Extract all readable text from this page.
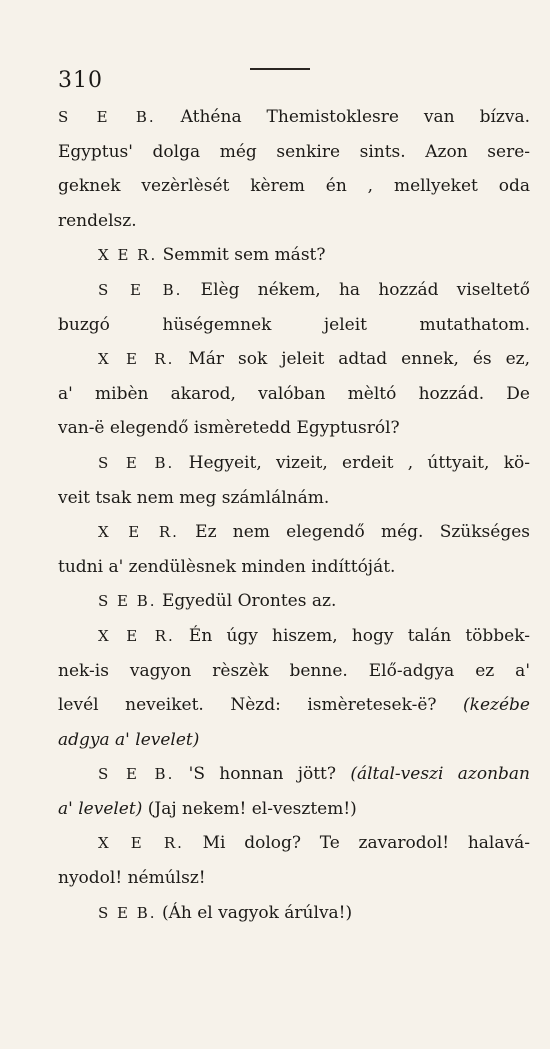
310
S E B. Athéna Themistoklesre van bízva.
Egyptus' dolga még senkire sints. Azon sere-
geknek vezèrlèsét kèrem én , mellyeket oda
rendelsz.
X E R. Semmit sem mást?
S E B. Elèg nékem, ha hozzád viseltető
buzgó hüségemnek jeleit mutathatom.
X E R. Már sok jeleit adtad ennek, és ez,
a' mibèn akarod, valóban mèltó hozzád. De
van-ë elegendő ismèretedd Egyptusról?
S E B. Hegyeit, vizeit, erdeit , úttyait, kö-
veit tsak nem meg számlálnám.
X E R. Ez nem elegendő még. Szükséges
tudni a' zendülèsnek minden indíttóját.
S E B. Egyedül Orontes az.
X E R. Én úgy hiszem, hogy talán többek-
nek-is vagyon rèszèk benne. Elő-adgya ez a'
levél neveiket. Nèzd: ismèretesek-ë? (kezébe
adgya a' levelet)
S E B. 'S honnan jött? (által-veszi azonban
a' levelet) (Jaj nekem! el-vesztem!)
X E R. Mi dolog? Te zavarodol! halavá-
nyodol! némúlsz!
S E B. (Áh el vagyok árúlva!)
